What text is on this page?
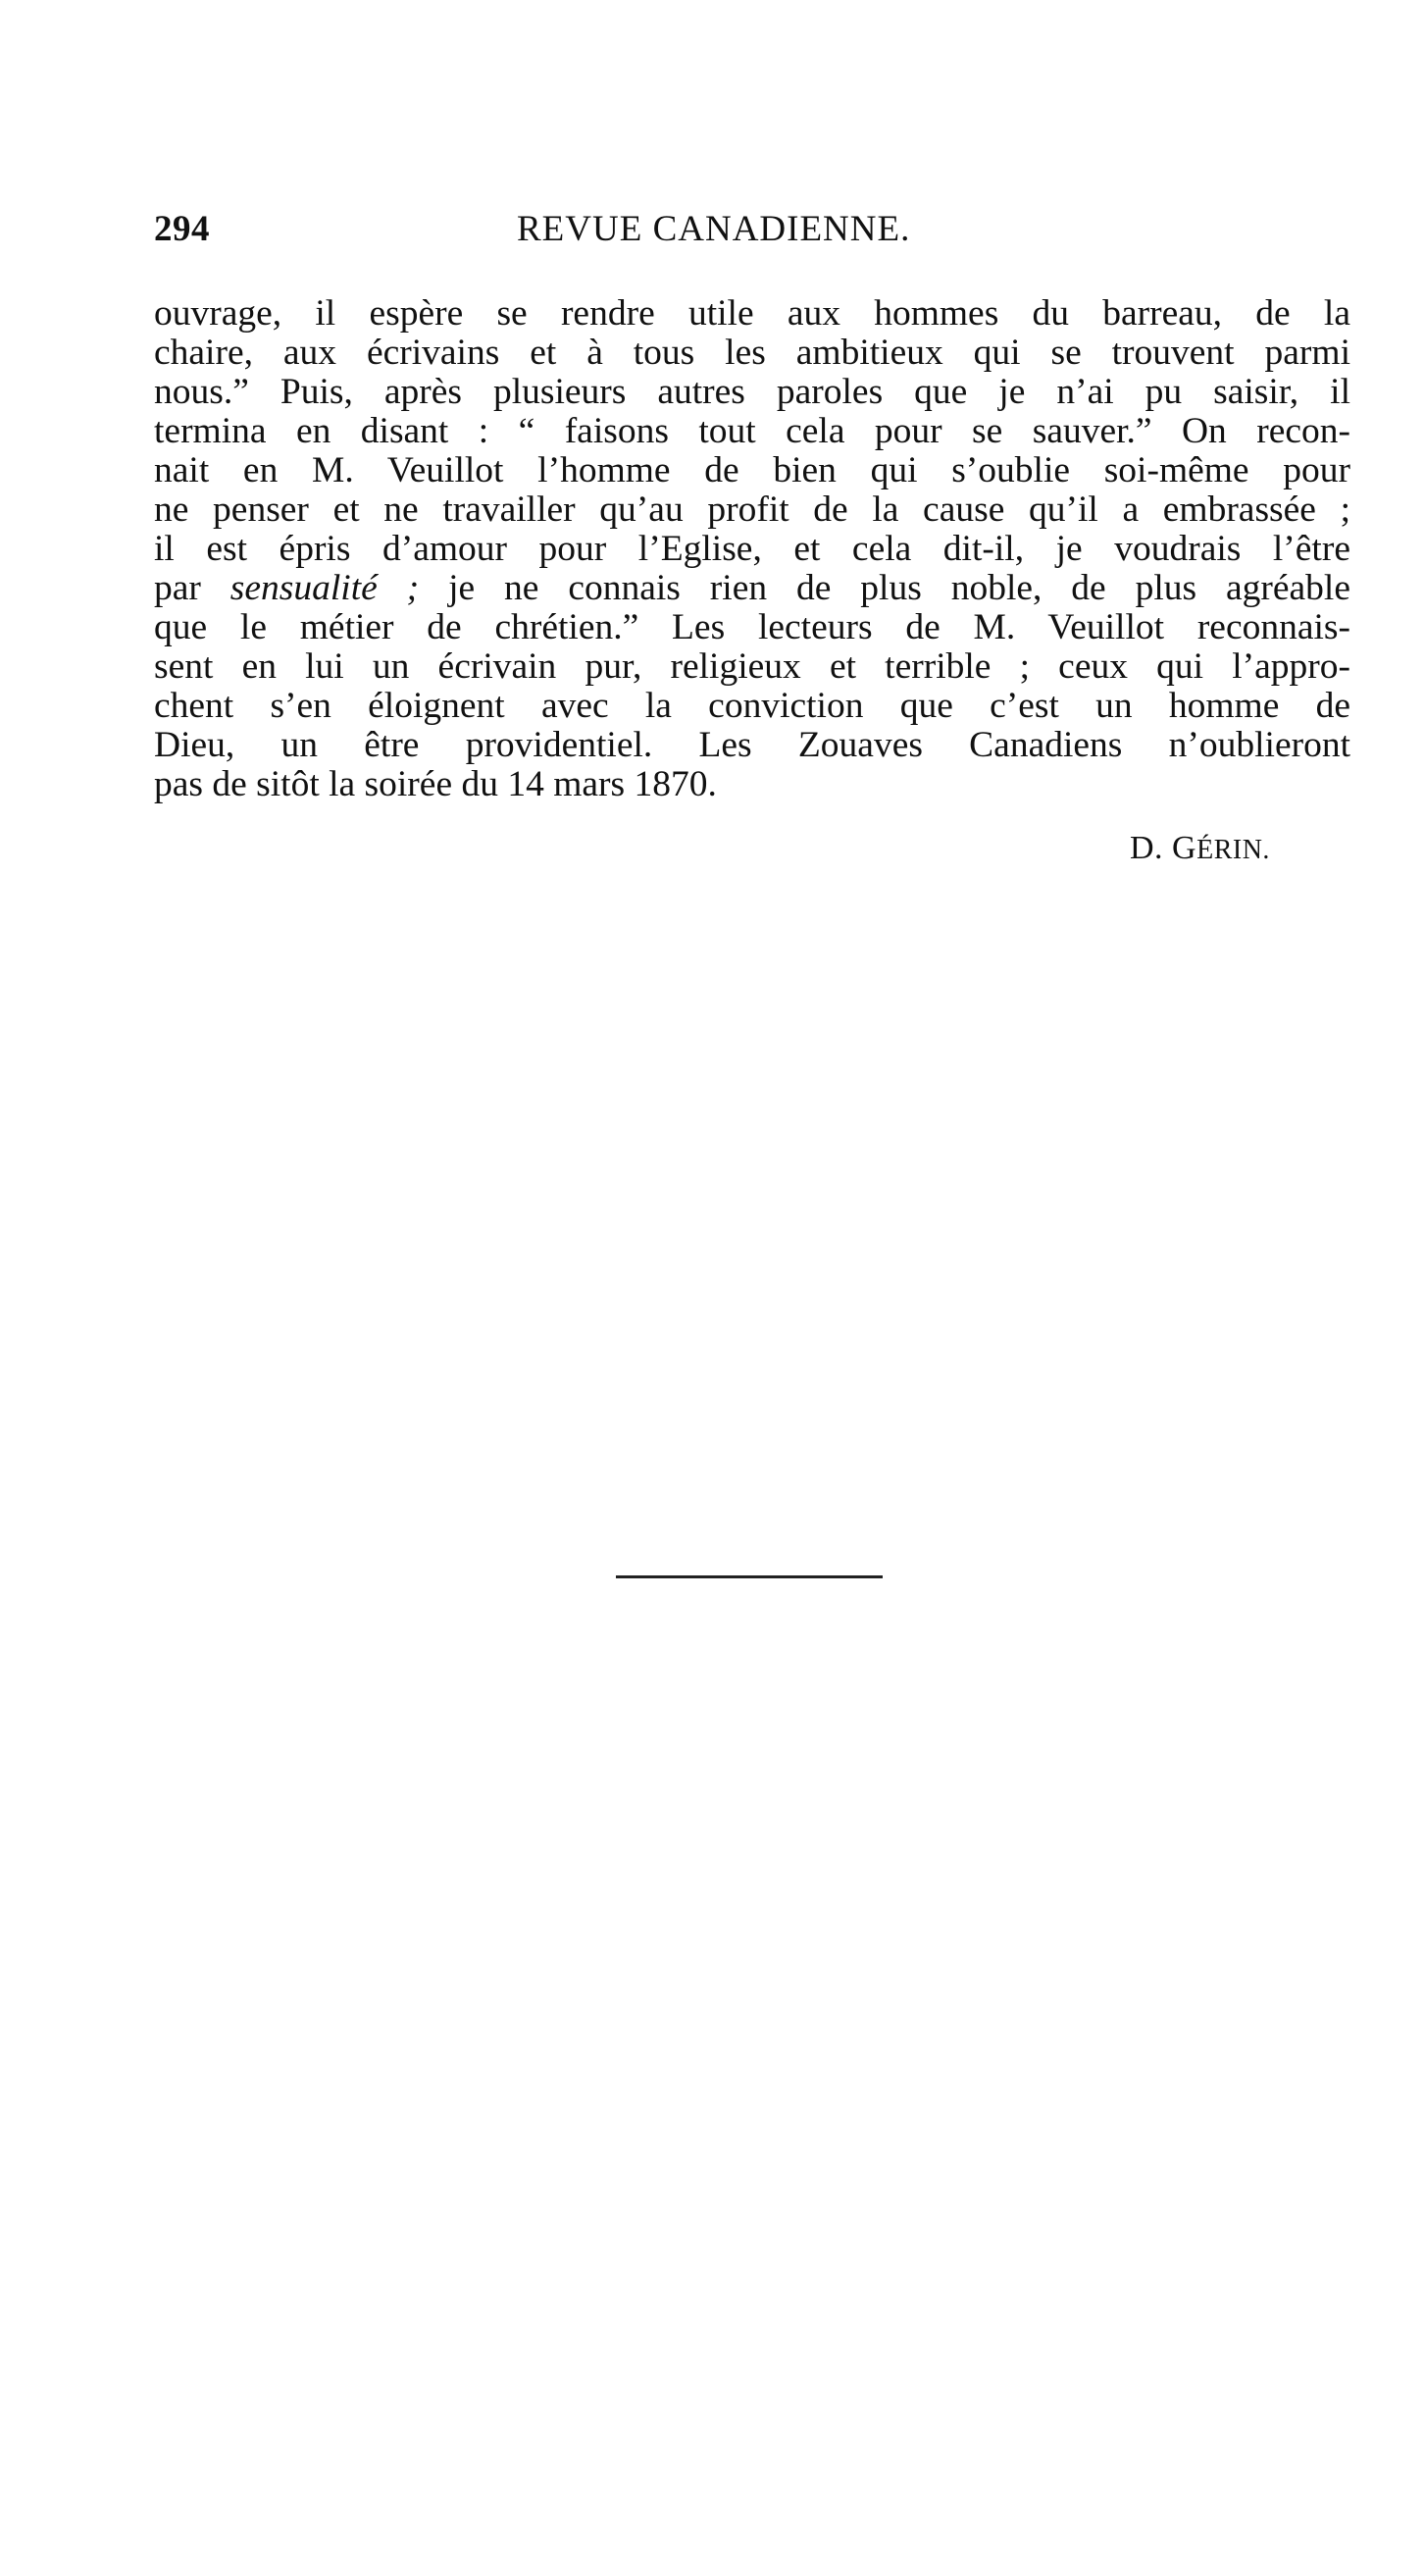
294	REVUE CANADIENNE.
ouvrage, il espère se rendre utile aux hommes du barreau, de la
chaire, aux écrivains et à tous les ambitieux qui se trouvent parmi
nous.” Puis, après plusieurs autres paroles que je n’ai pu saisir, il
termina en disant : “ faisons tout cela pour se sauver.” On recon-
nait en M. Veuillot l’homme de bien qui s’oublie soi-même pour
ne penser et ne travailler qu’au profit de la cause qu’il a embrassée ;
il est épris d’amour pour l’Eglise, et cela dit-il, je voudrais l’être
par sensualité ; je ne connais rien de plus noble, de plus agréable
que le métier de chrétien.” Les lecteurs de M. Veuillot reconnais-
sent en lui un écrivain pur, religieux et terrible ; ceux qui l’appro-
chent s’en éloignent avec la conviction que c’est un homme de
Dieu, un être providentiel. Les Zouaves Canadiens n’oublieront
pas de sitôt la soirée du 14 mars 1870.
D. GÉRIN.
